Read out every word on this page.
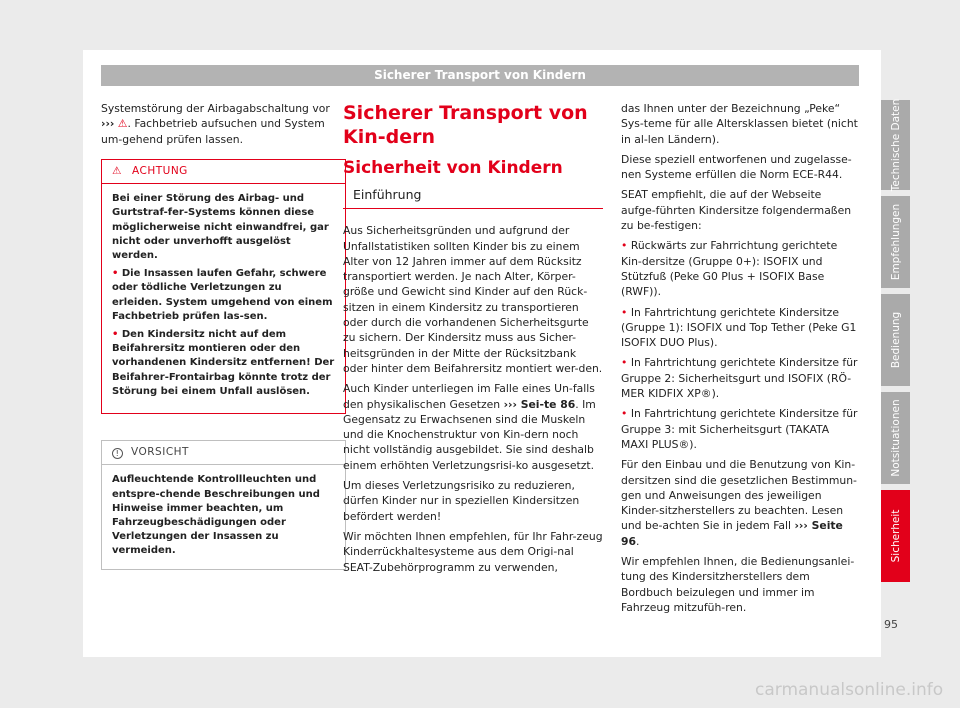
Sicherer Transport von Kindern

Systemstörung der Airbagabschaltung vor ››› ⚠. Fachbetrieb aufsuchen und System um-gehend prüfen lassen.

⚠ ACHTUNG

Bei einer Störung des Airbag- und Gurtstraf-fer-Systems können diese möglicherweise nicht einwandfrei, gar nicht oder unverhofft ausgelöst werden.

• Die Insassen laufen Gefahr, schwere oder tödliche Verletzungen zu erleiden. System umgehend von einem Fachbetrieb prüfen las-sen.

• Den Kindersitz nicht auf dem Beifahrersitz montieren oder den vorhandenen Kindersitz entfernen! Der Beifahrer-Frontairbag könnte trotz der Störung bei einem Unfall auslösen.

! VORSICHT
Aufleuchtende Kontrollleuchten und entspre-chende Beschreibungen und Hinweise immer beachten, um Fahrzeugbeschädigungen oder Verletzungen der Insassen zu vermeiden.
Sicherer Transport von Kin-dern
Sicherheit von Kindern
Einführung

Aus Sicherheitsgründen und aufgrund der Unfallstatistiken sollten Kinder bis zu einem Alter von 12 Jahren immer auf dem Rücksitz transportiert werden. Je nach Alter, Körper-größe und Gewicht sind Kinder auf den Rück-sitzen in einem Kindersitz zu transportieren oder durch die vorhandenen Sicherheitsgurte zu sichern. Der Kindersitz muss aus Sicher-heitsgründen in der Mitte der Rücksitzbank oder hinter dem Beifahrersitz montiert wer-den.

Auch Kinder unterliegen im Falle eines Un-falls den physikalischen Gesetzen ››› Sei-te 86. Im Gegensatz zu Erwachsenen sind die Muskeln und die Knochenstruktur von Kin-dern noch nicht vollständig ausgebildet. Sie sind deshalb einem erhöhten Verletzungsrisi-ko ausgesetzt.

Um dieses Verletzungsrisiko zu reduzieren, dürfen Kinder nur in speziellen Kindersitzen befördert werden!

Wir möchten Ihnen empfehlen, für Ihr Fahr-zeug Kinderrückhaltesysteme aus dem Origi-nal SEAT-Zubehörprogramm zu verwenden,

das Ihnen unter der Bezeichnung „Peke“ Sys-teme für alle Altersklassen bietet (nicht in al-len Ländern).

Diese speziell entworfenen und zugelasse-nen Systeme erfüllen die Norm ECE-R44.

SEAT empfiehlt, die auf der Webseite aufge-führten Kindersitze folgendermaßen zu be-festigen:

• Rückwärts zur Fahrrichtung gerichtete Kin-dersitze (Gruppe 0+): ISOFIX und Stützfuß (Peke G0 Plus + ISOFIX Base (RWF)).

• In Fahrtrichtung gerichtete Kindersitze (Gruppe 1): ISOFIX und Top Tether (Peke G1 ISOFIX DUO Plus).

• In Fahrtrichtung gerichtete Kindersitze für Gruppe 2: Sicherheitsgurt und ISOFIX (RÖ-MER KIDFIX XP®).

• In Fahrtrichtung gerichtete Kindersitze für Gruppe 3: mit Sicherheitsgurt (TAKATA MAXI PLUS®).

Für den Einbau und die Benutzung von Kin-dersitzen sind die gesetzlichen Bestimmun-gen und Anweisungen des jeweiligen Kinder-sitzherstellers zu beachten. Lesen und be-achten Sie in jedem Fall ››› Seite 96.

Wir empfehlen Ihnen, die Bedienungsanlei-tung des Kindersitzherstellers dem Bordbuch beizulegen und immer im Fahrzeug mitzufüh-ren.

Technische Daten
Empfehlungen
Bedienung
Notsituationen
Sicherheit
95
carmanualsonline.info
